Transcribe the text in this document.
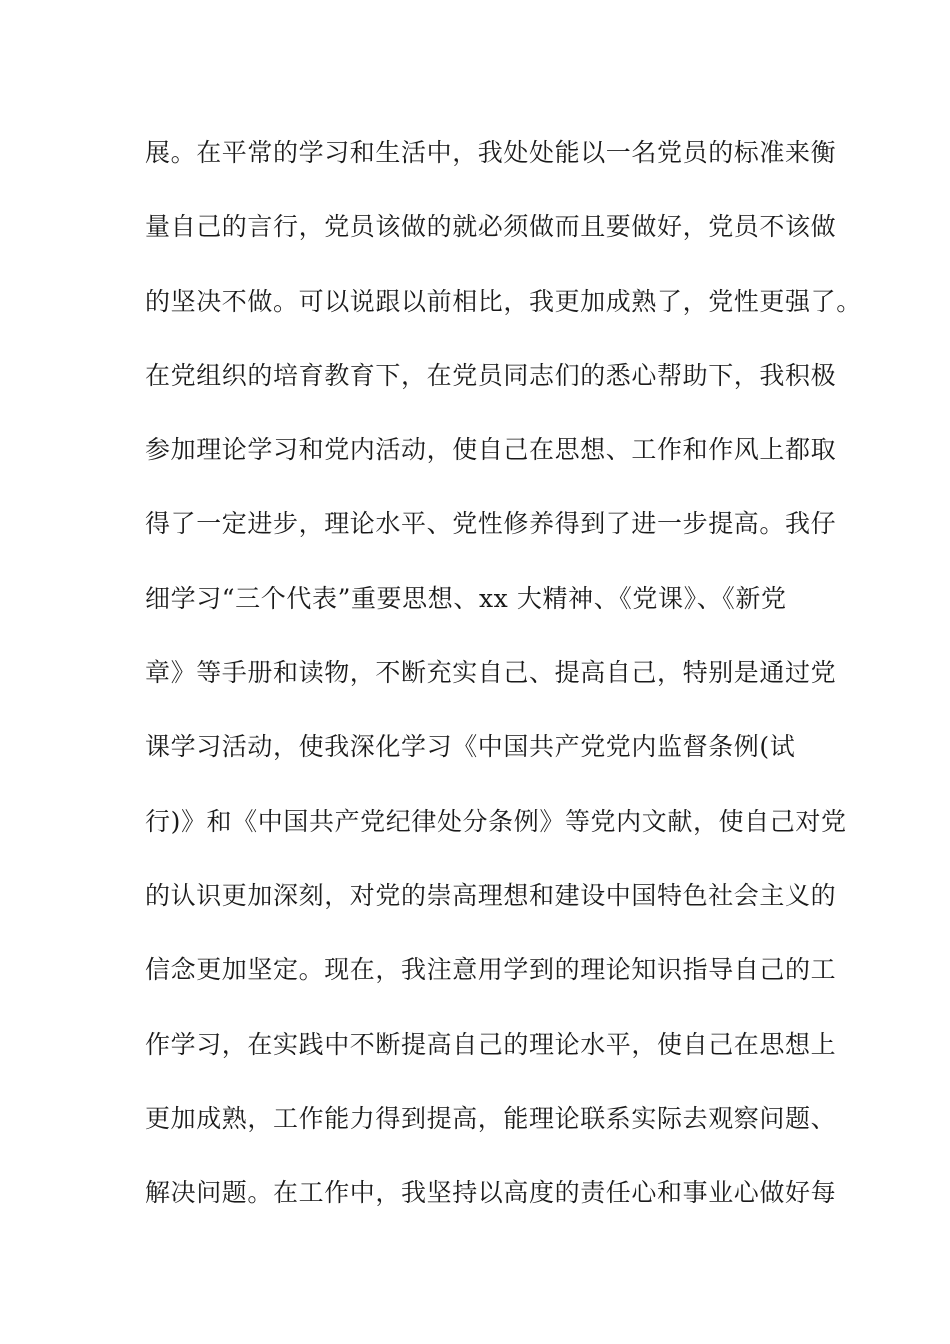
展。在平常的学习和生活中，我处处能以一名党员的标准来衡
量自己的言行，党员该做的就必须做而且要做好，党员不该做
的坚决不做。可以说跟以前相比，我更加成熟了，党性更强了。
在党组织的培育教育下，在党员同志们的悉心帮助下，我积极
参加理论学习和党内活动，使自己在思想、工作和作风上都取
得了一定进步，理论水平、党性修养得到了进一步提高。我仔
细学习“三个代表”重要思想、xx 大精神、《党课》、《新党
章》等手册和读物，不断充实自己、提高自己，特别是通过党
课学习活动，使我深化学习《中国共产党党内监督条例(试
行)》和《中国共产党纪律处分条例》等党内文献，使自己对党
的认识更加深刻，对党的崇高理想和建设中国特色社会主义的
信念更加坚定。现在，我注意用学到的理论知识指导自己的工
作学习，在实践中不断提高自己的理论水平，使自己在思想上
更加成熟，工作能力得到提高，能理论联系实际去观察问题、
解决问题。在工作中，我坚持以高度的责任心和事业心做好每
